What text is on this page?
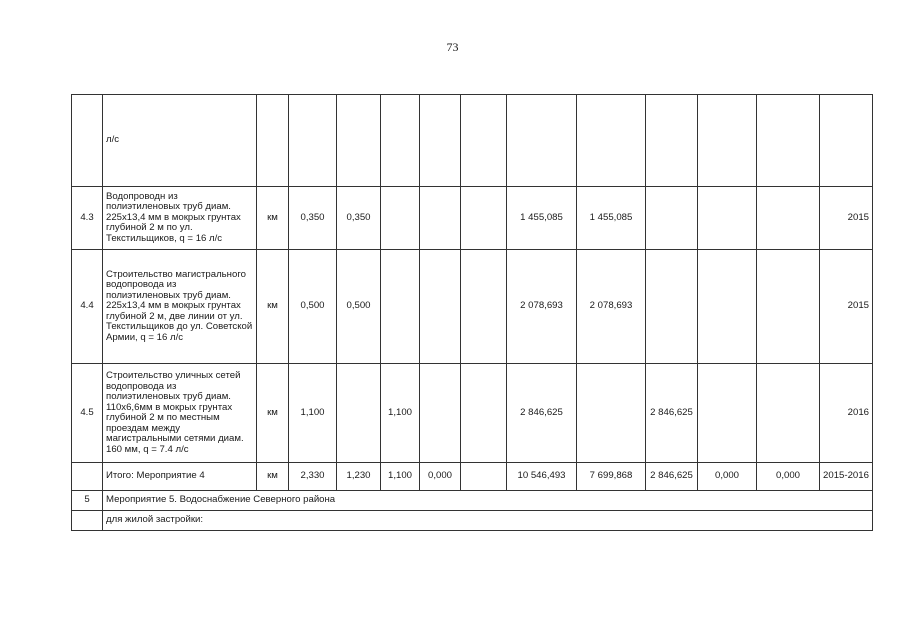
73
	л/с												
4.3	Водопроводн из полиэтиленовых труб диам. 225х13,4 мм в мокрых грунтах глубиной 2 м по ул. Текстильщиков, q = 16 л/с	км	0,350	0,350				1 455,085	1 455,085				2015
4.4	Строительство магистрального водопровода из полиэтиленовых труб диам. 225х13,4 мм в мокрых грунтах глубиной 2 м, две линии от ул. Текстильщиков до ул. Советской Армии, q = 16 л/с	км	0,500	0,500				2 078,693	2 078,693				2015
4.5	Строительство уличных сетей водопровода из полиэтиленовых труб диам. 110х6,6мм в мокрых грунтах глубиной 2 м по местным проездам между магистральными сетями диам. 160 мм, q = 7.4 л/с	км	1,100		1,100			2 846,625		2 846,625			2016
	Итого: Мероприятие 4	км	2,330	1,230	1,100	0,000		10 546,493	7 699,868	2 846,625	0,000	0,000	2015-2016
5	Мероприятие 5. Водоснабжение Северного района												
	для жилой застройки:												
